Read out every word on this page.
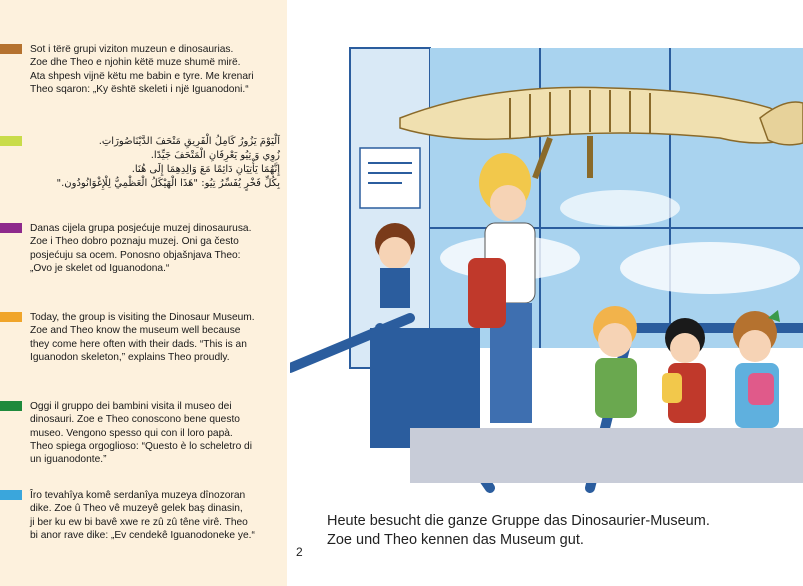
Sot i tërë grupi viziton muzeun e dinosaurias.
Zoe dhe Theo e njohin këtë muze shumë mirë.
Ata shpesh vijnë këtu me babin e tyre. Me krenari
Theo sqaron: „Ky është skeleti i një Iguanodoni.“
اَلْيَوْمَ يَزُورُ كَامِلُ الْفَرِيقِ مَتْحَفَ الدَّيْنَاصُورَاتِ.
زُوِي وَ تِيُو يَعْرِفَانِ الْمَتْحَفَ جَيِّدًا.
إِنَّهُمَا يَأْتِيَانِ دَائِمًا مَعَ وَالِدِهِمَا إِلَى هُنَا.
بِكُلِّ فَخْرٍ يُفَسِّرُ تِيُو: "هَذَا الْهَيْكَلُ الْعَظْمِيُّ لِلْإِغْوَانُودُون."
Danas cijela grupa posjećuje muzej dinosaurusa.
Zoe i Theo dobro poznaju muzej. Oni ga često
posjećuju sa ocem. Ponosno objašnjava Theo:
„Ovo je skelet od Iguanodona.“
Today, the group is visiting the Dinosaur Museum.
Zoe and Theo know the museum well because
they come here often with their dads. “This is an
Iguanodon skeleton,” explains Theo proudly.
Oggi il gruppo dei bambini visita il museo dei
dinosauri. Zoe e Theo conoscono bene questo
museo. Vengono spesso qui con il loro papà.
Theo spiega orgoglioso: “Questo è lo scheletro di
un iguanodonte.”
Îro tevahîya komê serdanîya muzeya dînozoran
dike. Zoe û Theo vê muzeyê gelek baş dinasin,
ji ber ku ew bi bavê xwe re zû zû têne virê. Theo
bi anor rave dike: „Ev cendekê Iguanodoneke ye.“
Heute besucht die ganze Gruppe das Dinosaurier-Museum.
Zoe und Theo kennen das Museum gut.
2
